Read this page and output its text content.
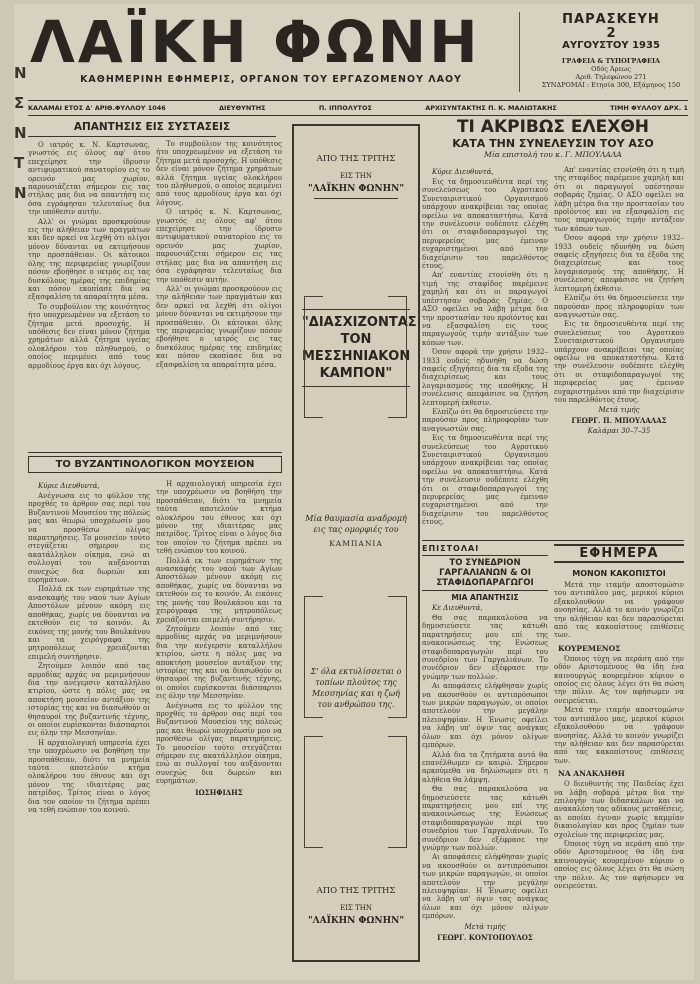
Ν
Σ
Ν
Τ
Ν
ΛΑΪΚΗ ΦΩΝΗ
ΚΑΘΗΜΕΡΙΝΗ ΕΦΗΜΕΡΙΣ, ΟΡΓΑΝΟΝ ΤΟΥ ΕΡΓΑΖΟΜΕΝΟΥ ΛΑΟΥ
ΠΑΡΑΣΚΕΥΗ
2
ΑΥΓΟΥΣΤΟΥ 1935
ΓΡΑΦΕΙΑ & ΤΥΠΟΓΡΑΦΕΙΑ
Οδός Άρεως
Αριθ. Τηλεφώνου 271
ΣΥΝΔΡΟΜΑΙ : Ετησία 300, Εξάμηνος 150
ΚΑΛΑΜΑΙ ΕΤΟΣ Δ' ΑΡΙΘ.ΦΥΛΛΟΥ 1046	ΔΙΕΥΘΥΝΤΗΣ	Π. ΙΠΠΟΛΥΤΟΣ	ΑΡΧΙΣΥΝΤΑΚΤΗΣ Π. Κ. ΜΑΛΙΩΤΑΚΗΣ	ΤΙΜΗ ΦΥΛΛΟΥ ΔΡΧ. 1
ΑΠΑΝΤΗΣΙΣ ΕΙΣ ΣΥΣΤΑΣΕΙΣ

Ο ιατρός κ. Ν. Καρτσωνας, γνωστός εις όλους αφ' ότου επεχείρησε την ίδρυσιν αντιφυματικού σανατορίου εις το ορεινόν μας χωρίον, παρουσιάζεται σήμερον εις τας στήλας μας δια να απαντήση εις όσα εγράφησαν τελευταίως δια την υπόθεσιν αυτήν.

Αλλ' οι γνώμαι προσκρούουν εις την αλήθειαν των πραγμάτων και δεν αρκεί να λεχθή ότι ολίγοι μόνον δύνανται να εκτιμήσουν την προσπάθειαν. Οι κάτοικοι όλης της περιφερείας γνωρίζουν πόσον εβοήθησε ο ιατρός εις τας δυσκόλους ημέρας της επιδημίας και πόσον εκοπίασε δια να εξασφαλίση τα απαραίτητα μέσα.

Το συμβούλιον της κοινότητος ήτο υποχρεωμένον να εξετάση το ζήτημα μετά προσοχής. Η υπόθεσις δεν είναι μόνον ζήτημα χρημάτων αλλά ζήτημα υγείας ολοκλήρου του πληθυσμού, ο οποίος περιμένει από τους αρμοδίους έργα και όχι λόγους.

Το συμβούλιον της κοινότητος ήτο υποχρεωμένον να εξετάση το ζήτημα μετά προσοχής. Η υπόθεσις δεν είναι μόνον ζήτημα χρημάτων αλλά ζήτημα υγείας ολοκλήρου του πληθυσμού, ο οποίος περιμένει από τους αρμοδίους έργα και όχι λόγους.

Ο ιατρός κ. Ν. Καρτσωνας, γνωστός εις όλους αφ' ότου επεχείρησε την ίδρυσιν αντιφυματικού σανατορίου εις το ορεινόν μας χωρίον, παρουσιάζεται σήμερον εις τας στήλας μας δια να απαντήση εις όσα εγράφησαν τελευταίως δια την υπόθεσιν αυτήν.

Αλλ' οι γνώμαι προσκρούουν εις την αλήθειαν των πραγμάτων και δεν αρκεί να λεχθή ότι ολίγοι μόνον δύνανται να εκτιμήσουν την προσπάθειαν. Οι κάτοικοι όλης της περιφερείας γνωρίζουν πόσον εβοήθησε ο ιατρός εις τας δυσκόλους ημέρας της επιδημίας και πόσον εκοπίασε δια να εξασφαλίση τα απαραίτητα μέσα.

ΤΟ ΒΥΖΑΝΤΙΝΟΛΟΓΙΚΟΝ ΜΟΥΣΕΙΟΝ
Κύριε Διευθυντά,

Ανέγνωσα εις το φύλλον της προχθές το άρθρον σας περί του Βυζαντινού Μουσείου της πόλεώς μας και θεωρώ υποχρέωσίν μου να προσθέσω ολίγας παρατηρήσεις. Το μουσείον τούτο στεγάζεται σήμερον εις ακατάλληλον οίκημα, ενώ αι συλλογαί του αυξάνονται συνεχώς δια δωρεών και ευρημάτων.

Πολλά εκ των ευρημάτων της ανασκαφής του ναού των Αγίων Αποστόλων μένουν ακόμη εις αποθήκας, χωρίς να δύνανται να εκτεθούν εις το κοινόν. Αι εικόνες της μονής του Βουλκάνου και τα χειρόγραφα της μητροπόλεως χρειάζονται επιμελή συντήρησιν.

Ζητούμεν λοιπόν από τας αρμοδίας αρχάς να μεριμνήσουν δια την ανέγερσιν καταλλήλου κτιρίου, ώστε η πόλις μας να αποκτήση μουσείον αντάξιον της ιστορίας της και να διασωθούν οι θησαυροί της βυζαντινής τέχνης, οι οποίοι ευρίσκονται διάσπαρτοι εις όλην την Μεσσηνίαν.

Η αρχαιολογική υπηρεσία έχει την υποχρέωσιν να βοηθήση την προσπάθειαν, διότι τα μνημεία ταύτα αποτελούν κτήμα ολοκλήρου του έθνους και όχι μόνον της ιδιαιτέρας μας πατρίδος. Τρίτος είναι ο λόγος δια τον οποίον το ζήτημα πρέπει να τεθή ενώπιον του κοινού.

Η αρχαιολογική υπηρεσία έχει την υποχρέωσιν να βοηθήση την προσπάθειαν, διότι τα μνημεία ταύτα αποτελούν κτήμα ολοκλήρου του έθνους και όχι μόνον της ιδιαιτέρας μας πατρίδος. Τρίτος είναι ο λόγος δια τον οποίον το ζήτημα πρέπει να τεθή ενώπιον του κοινού.

Πολλά εκ των ευρημάτων της ανασκαφής του ναού των Αγίων Αποστόλων μένουν ακόμη εις αποθήκας, χωρίς να δύνανται να εκτεθούν εις το κοινόν. Αι εικόνες της μονής του Βουλκάνου και τα χειρόγραφα της μητροπόλεως χρειάζονται επιμελή συντήρησιν.

Ζητούμεν λοιπόν από τας αρμοδίας αρχάς να μεριμνήσουν δια την ανέγερσιν καταλλήλου κτιρίου, ώστε η πόλις μας να αποκτήση μουσείον αντάξιον της ιστορίας της και να διασωθούν οι θησαυροί της βυζαντινής τέχνης, οι οποίοι ευρίσκονται διάσπαρτοι εις όλην την Μεσσηνίαν.

Ανέγνωσα εις το φύλλον της προχθές το άρθρον σας περί του Βυζαντινού Μουσείου της πόλεώς μας και θεωρώ υποχρέωσίν μου να προσθέσω ολίγας παρατηρήσεις. Το μουσείον τούτο στεγάζεται σήμερον εις ακατάλληλον οίκημα, ενώ αι συλλογαί του αυξάνονται συνεχώς δια δωρεών και ευρημάτων.

ΙΩΣΗΦΙΔΗΣ
ΑΠΟ ΤΗΣ ΤΡΙΤΗΣ
ΕΙΣ ΤΗΝ
"ΛΑΪΚΗΝ ΦΩΝΗΝ"
"ΔΙΑΣΧΙΖΟΝΤΑΣ ΤΟΝ ΜΕΣΣΗΝΙΑΚΟΝ ΚΑΜΠΟΝ"
Μία θαυμασία αναδρομή εις τας ομορφιές του
ΚΑΜΠΑΝΙΑ
Σ' όλα εκτυλίσσεται ο τοπίων πλούτος της Μεσσηνίας και η ζωή του ανθρώπου της.
ΑΠΟ ΤΗΣ ΤΡΙΤΗΣ
ΕΙΣ ΤΗΝ
"ΛΑΪΚΗΝ ΦΩΝΗΝ"
ΤΙ ΑΚΡΙΒΩΣ ΕΛΕΧΘΗ
ΚΑΤΑ ΤΗΝ ΣΥΝΕΛΕΥΣΙΝ ΤΟΥ ΑΣΟ
Μία επιστολή του κ. Γ. ΜΠΟΥΛΑΛΑ
Κύριε Διευθυντά,

Εις τα δημοσιευθέντα περί της συνελεύσεως του Αγροτικού Συνεταιριστικού Οργανισμού υπάρχουν ανακρίβειαι τας οποίας οφείλω να αποκαταστήσω. Κατά την συνέλευσιν ουδέποτε ελέχθη ότι οι σταφιδοπαραγωγοί της περιφερείας μας έμειναν ευχαριστημένοι από την διαχείρισιν του παρελθόντος έτους.

Απ' εναντίας ετονίσθη ότι η τιμή της σταφίδος παρέμεινε χαμηλή και ότι οι παραγωγοί υπέστησαν σοβαράς ζημίας. Ο ΑΣΟ οφείλει να λάβη μέτρα δια την προστασίαν του προϊόντος και να εξασφαλίση εις τους παραγωγούς τιμήν αντάξιον των κόπων των.

Όσον αφορά την χρήσιν 1932–1933 ουδείς ηδυνήθη να δώση σαφείς εξηγήσεις δια τα έξοδα της διαχειρίσεως και τους λογαριασμούς της αποθήκης. Η συνέλευσις απεφάσισε να ζητήση λεπτομερή έκθεσιν.

Ελπίζω ότι θα δημοσιεύσετε την παρούσαν προς πληροφορίαν των αναγνωστών σας.

Εις τα δημοσιευθέντα περί της συνελεύσεως του Αγροτικού Συνεταιριστικού Οργανισμού υπάρχουν ανακρίβειαι τας οποίας οφείλω να αποκαταστήσω. Κατά την συνέλευσιν ουδέποτε ελέχθη ότι οι σταφιδοπαραγωγοί της περιφερείας μας έμειναν ευχαριστημένοι από την διαχείρισιν του παρελθόντος έτους.

Απ' εναντίας ετονίσθη ότι η τιμή της σταφίδος παρέμεινε χαμηλή και ότι οι παραγωγοί υπέστησαν σοβαράς ζημίας. Ο ΑΣΟ οφείλει να λάβη μέτρα δια την προστασίαν του προϊόντος και να εξασφαλίση εις τους παραγωγούς τιμήν αντάξιον των κόπων των.

Όσον αφορά την χρήσιν 1932–1933 ουδείς ηδυνήθη να δώση σαφείς εξηγήσεις δια τα έξοδα της διαχειρίσεως και τους λογαριασμούς της αποθήκης. Η συνέλευσις απεφάσισε να ζητήση λεπτομερή έκθεσιν.

Ελπίζω ότι θα δημοσιεύσετε την παρούσαν προς πληροφορίαν των αναγνωστών σας.

Εις τα δημοσιευθέντα περί της συνελεύσεως του Αγροτικού Συνεταιριστικού Οργανισμού υπάρχουν ανακρίβειαι τας οποίας οφείλω να αποκαταστήσω. Κατά την συνέλευσιν ουδέποτε ελέχθη ότι οι σταφιδοπαραγωγοί της περιφερείας μας έμειναν ευχαριστημένοι από την διαχείρισιν του παρελθόντος έτους.

Μετά τιμής
ΓΕΩΡΓ. Π. ΜΠΟΥΛΑΛΑΣ
Καλάμαι 30–7–35
ΕΠΙΣΤΟΛΑΙ
ΤΟ ΣΥΝΕΔΡΙΟΝ ΓΑΡΓΑΛΙΑΝΩΝ & ΟΙ ΣΤΑΦΙΔΟΠΑΡΑΓΩΓΟΙ
ΜΙΑ ΑΠΑΝΤΗΣΙΣ
Κε Διευθυντά,

Θα σας παρακαλούσα να δημοσιεύσετε τας κάτωθι παρατηρήσεις μου επί της ανακοινώσεως της Ενώσεως σταφιδοπαραγωγών περί του συνεδρίου των Γαργαλιάνων. Το συνέδριον δεν εξέφρασε την γνώμην των πολλών.

Αι αποφάσεις ελήφθησαν χωρίς να ακουσθούν οι αντιπρόσωποι των μικρών παραγωγών, οι οποίοι αποτελούν την μεγάλην πλειοψηφίαν. Η Ένωσις οφείλει να λάβη υπ' όψιν τας ανάγκας όλων και όχι μόνον ολίγων εμπόρων.

Αλλά δια τα ζητήματα αυτά θα επανέλθωμεν εν καιρώ. Σήμερον αρκούμεθα να δηλώσωμεν ότι η αλήθεια θα λάμψη.

Θα σας παρακαλούσα να δημοσιεύσετε τας κάτωθι παρατηρήσεις μου επί της ανακοινώσεως της Ενώσεως σταφιδοπαραγωγών περί του συνεδρίου των Γαργαλιάνων. Το συνέδριον δεν εξέφρασε την γνώμην των πολλών.

Αι αποφάσεις ελήφθησαν χωρίς να ακουσθούν οι αντιπρόσωποι των μικρών παραγωγών, οι οποίοι αποτελούν την μεγάλην πλειοψηφίαν. Η Ένωσις οφείλει να λάβη υπ' όψιν τας ανάγκας όλων και όχι μόνον ολίγων εμπόρων.

Μετά τιμής
ΓΕΩΡΓ. ΚΟΝΤΟΠΟΥΛΟΣ
ΕΦΗΜΕΡΑ
ΜΟΝΟΝ ΚΑΚΟΠΙΣΤΟΙ

Μετά την ιταμήν αποστομώσιν του αντιπάλου μας, μερικοί κύριοι εξακολουθούν να γράφουν ανοησίας. Αλλά το κοινόν γνωρίζει την αλήθειαν και δεν παρασύρεται από τας κακοπίστους επιθέσεις των.

ΚΟΥΡΕΜΕΝΟΣ

Όποιος τύχη να περάση από την οδόν Αριστομένους θα ίδη ένα καινουργώς κουρεμένον κύριον ο οποίος εις όλους λέγει ότι θα σώση την πόλιν. Ας τον αφήσωμεν να ονειρεύεται.

Μετά την ιταμήν αποστομώσιν του αντιπάλου μας, μερικοί κύριοι εξακολουθούν να γράφουν ανοησίας. Αλλά το κοινόν γνωρίζει την αλήθειαν και δεν παρασύρεται από τας κακοπίστους επιθέσεις των.

ΝΑ ΑΝΑΚΛΗΘΗ

Ο διευθυντής της Παιδείας έχει να λάβη σοβαρά μέτρα δια την επιλογήν των διδασκάλων και να ανακαλέση τας αδίκους μεταθέσεις, αι οποίαι έγιναν χωρίς καμμίαν δικαιολογίαν και προς ζημίαν των σχολείων της περιφερείας μας.

Όποιος τύχη να περάση από την οδόν Αριστομένους θα ίδη ένα καινουργώς κουρεμένον κύριον ο οποίος εις όλους λέγει ότι θα σώση την πόλιν. Ας τον αφήσωμεν να ονειρεύεται.
